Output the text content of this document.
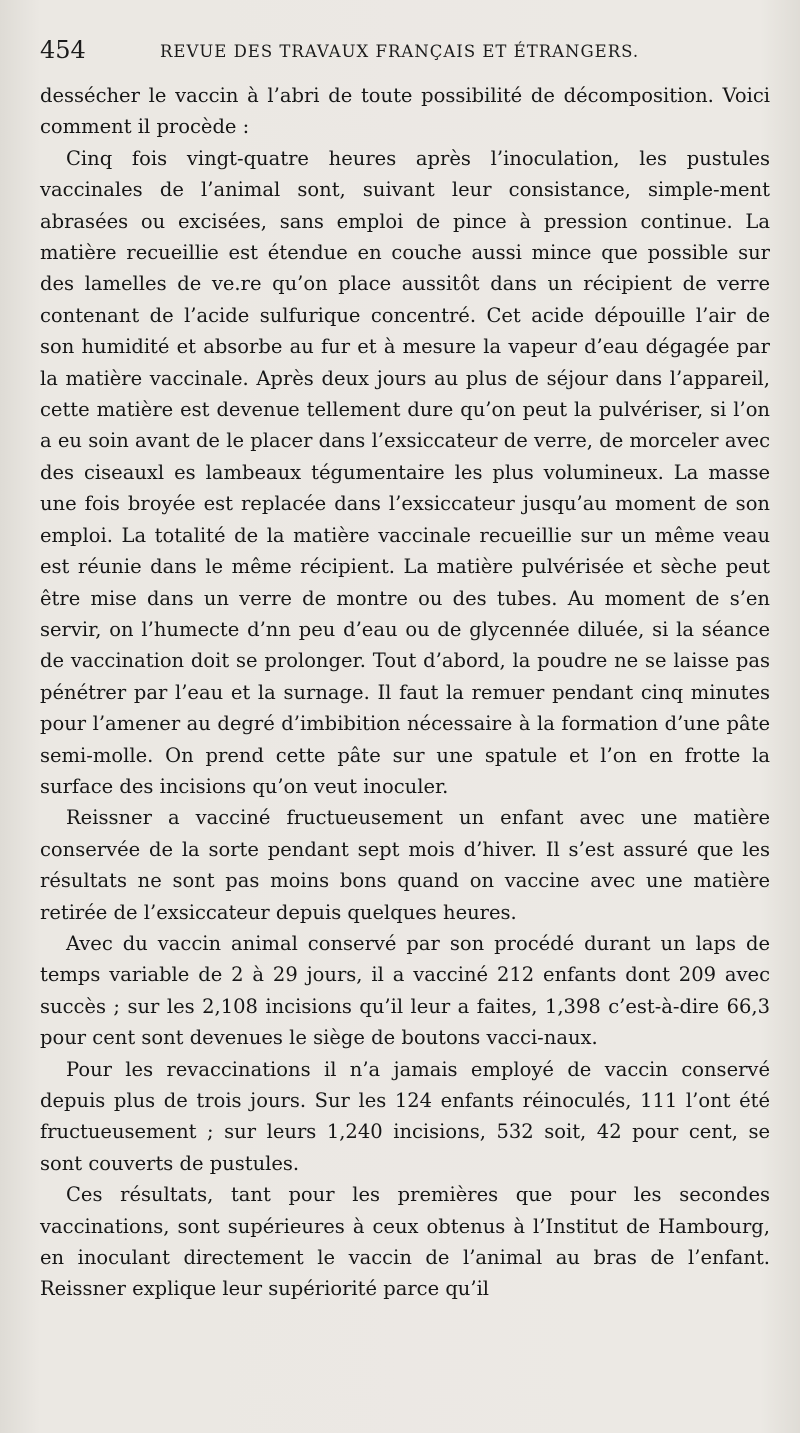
454	REVUE DES TRAVAUX FRANÇAIS ET ÉTRANGERS.

dessécher le vaccin à l’abri de toute possibilité de décomposition. Voici comment il procède :

Cinq fois vingt-quatre heures après l’inoculation, les pustules vaccinales de l’animal sont, suivant leur consistance, simple-ment abrasées ou excisées, sans emploi de pince à pression continue. La matière recueillie est étendue en couche aussi mince que possible sur des lamelles de ve.re qu’on place aussitôt dans un récipient de verre contenant de l’acide sulfurique concentré. Cet acide dépouille l’air de son humidité et absorbe au fur et à mesure la vapeur d’eau dégagée par la matière vaccinale. Après deux jours au plus de séjour dans l’appareil, cette matière est devenue tellement dure qu’on peut la pulvériser, si l’on a eu soin avant de le placer dans l’exsiccateur de verre, de morceler avec des ciseauxl es lambeaux tégumentaire les plus volumineux. La masse une fois broyée est replacée dans l’exsiccateur jusqu’au moment de son emploi. La totalité de la matière vaccinale recueillie sur un même veau est réunie dans le même récipient. La matière pulvérisée et sèche peut être mise dans un verre de montre ou des tubes. Au moment de s’en servir, on l’humecte d’nn peu d’eau ou de glycennée diluée, si la séance de vaccination doit se prolonger. Tout d’abord, la poudre ne se laisse pas pénétrer par l’eau et la surnage. Il faut la remuer pendant cinq minutes pour l’amener au degré d’imbibition nécessaire à la formation d’une pâte semi-molle. On prend cette pâte sur une spatule et l’on en frotte la surface des incisions qu’on veut inoculer.

Reissner a vacciné fructueusement un enfant avec une matière conservée de la sorte pendant sept mois d’hiver. Il s’est assuré que les résultats ne sont pas moins bons quand on vaccine avec une matière retirée de l’exsiccateur depuis quelques heures.

Avec du vaccin animal conservé par son procédé durant un laps de temps variable de 2 à 29 jours, il a vacciné 212 enfants dont 209 avec succès ; sur les 2,108 incisions qu’il leur a faites, 1,398 c’est-à-dire 66,3 pour cent sont devenues le siège de boutons vacci-naux.

Pour les revaccinations il n’a jamais employé de vaccin conservé depuis plus de trois jours. Sur les 124 enfants réinoculés, 111 l’ont été fructueusement ; sur leurs 1,240 incisions, 532 soit, 42 pour cent, se sont couverts de pustules.

Ces résultats, tant pour les premières que pour les secondes vaccinations, sont supérieures à ceux obtenus à l’Institut de Hambourg, en inoculant directement le vaccin de l’animal au bras de l’enfant. Reissner explique leur supériorité parce qu’il
